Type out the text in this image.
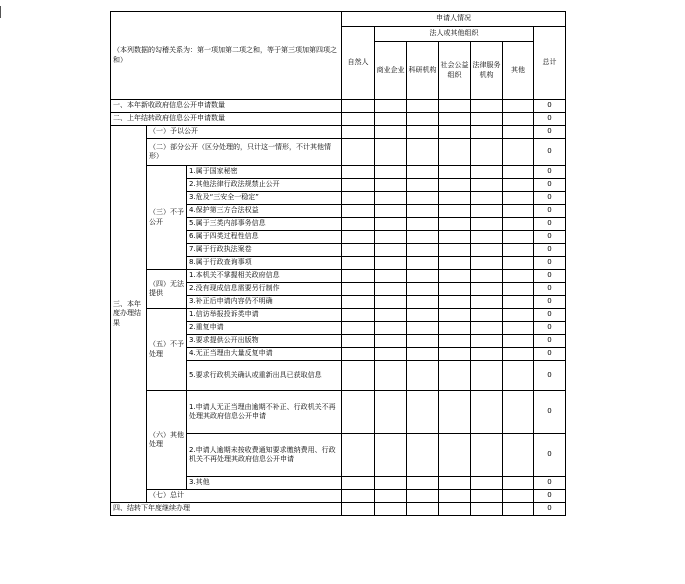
（本列数据的勾稽关系为：第一项加第二项之和，等于第三项加第四项之和）			申请人情况						
			自然人	法人或其他组织					总计
				商业企业	科研机构	社会公益组织	法律服务机构	其他	
一、本年新收政府信息公开申请数量									0
二、上年结转政府信息公开申请数量									0
三、本年度办理结果	（一）予以公开								0
	（二）部分公开（区分处理的，只计这一情形，不计其他情形）								0
	（三）不予公开	1.属于国家秘密							0
		2.其他法律行政法规禁止公开							0
		3.危及“三安全一稳定”							0
		4.保护第三方合法权益							0
		5.属于三类内部事务信息							0
		6.属于四类过程性信息							0
		7.属于行政执法案卷							0
		8.属于行政查询事项							0
	（四）无法提供	1.本机关不掌握相关政府信息							0
		2.没有现成信息需要另行制作							0
		3.补正后申请内容仍不明确							0
	（五）不予处理	1.信访举报投诉类申请							0
		2.重复申请							0
		3.要求提供公开出版物							0
		4.无正当理由大量反复申请							0
		5.要求行政机关确认或重新出具已获取信息							0
	（六）其他处理	1.申请人无正当理由逾期不补正、行政机关不再处理其政府信息公开申请							0
		2.申请人逾期未按收费通知要求缴纳费用、行政机关不再处理其政府信息公开申请							0
		3.其他							0
	（七）总计								0
四、结转下年度继续办理									0
